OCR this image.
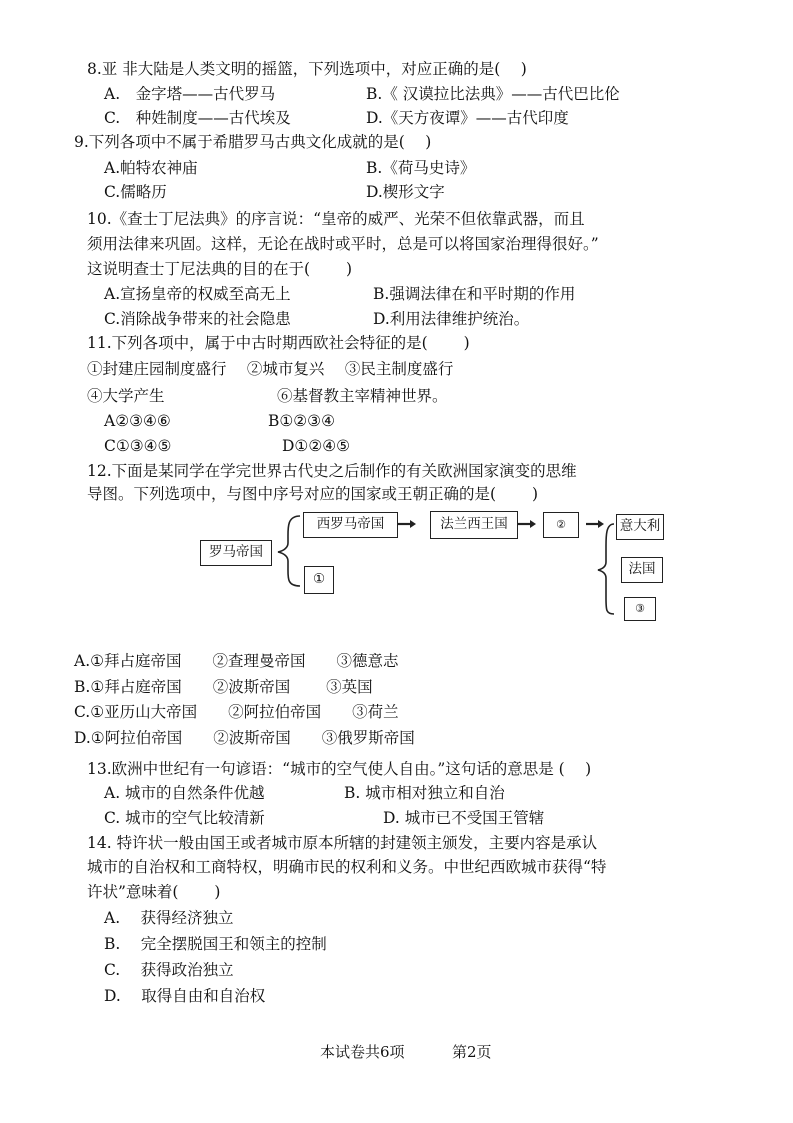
8.亚 非大陆是人类文明的摇篮，下列选项中，对应正确的是(　 )
A.　金字塔——古代罗马	B.《 汉谟拉比法典》——古代巴比伦
C.　种姓制度——古代埃及	D.《天方夜谭》——古代印度
9.下列各项中不属于希腊罗马古典文化成就的是(　 )
A.帕特农神庙	B.《荷马史诗》
C.儒略历	D.楔形文字
10.《查士丁尼法典》的序言说：“皇帝的威严、光荣不但依靠武器，而且
须用法律来巩固。这样，无论在战时或平时，总是可以将国家治理得很好。”
这说明查士丁尼法典的目的在于(　　 )
A.宣扬皇帝的权威至高无上	B.强调法律在和平时期的作用
C.消除战争带来的社会隐患	D.利用法律维护统治。
11.下列各项中，属于中古时期西欧社会特征的是(　 　)
①封建庄园制度盛行　 ②城市复兴　 ③民主制度盛行
④大学产生	⑥基督教主宰精神世界。
A②③④⑥	B①②③④
C①③④⑤	D①②④⑤
12.下面是某同学在学完世界古代史之后制作的有关欧洲国家演变的思维
导图。下列选项中，与图中序号对应的国家或王朝正确的是(　 　)
罗马帝国
西罗马帝国	法兰西王国	②
①
意大利
法国
③
A.①拜占庭帝国　　②查理曼帝国　　③德意志
B.①拜占庭帝国　　②波斯帝国　　 ③英国
C.①亚历山大帝国　　②阿拉伯帝国　　③荷兰
D.①阿拉伯帝国　　②波斯帝国　　③俄罗斯帝国
13.欧洲中世纪有一句谚语：“城市的空气使人自由。”这句话的意思是 (　 )
A. 城市的自然条件优越	B. 城市相对独立和自治
C. 城市的空气比较清新	D. 城市已不受国王管辖
14. 特许状一般由国王或者城市原本所辖的封建领主颁发，主要内容是承认
城市的自治权和工商特权，明确市民的权利和义务。中世纪西欧城市获得“特
许状”意味着(　　 )
A.　 获得经济独立
B.　 完全摆脱国王和领主的控制
C.　 获得政治独立
D.　 取得自由和自治权
本试卷共6项	第2页
